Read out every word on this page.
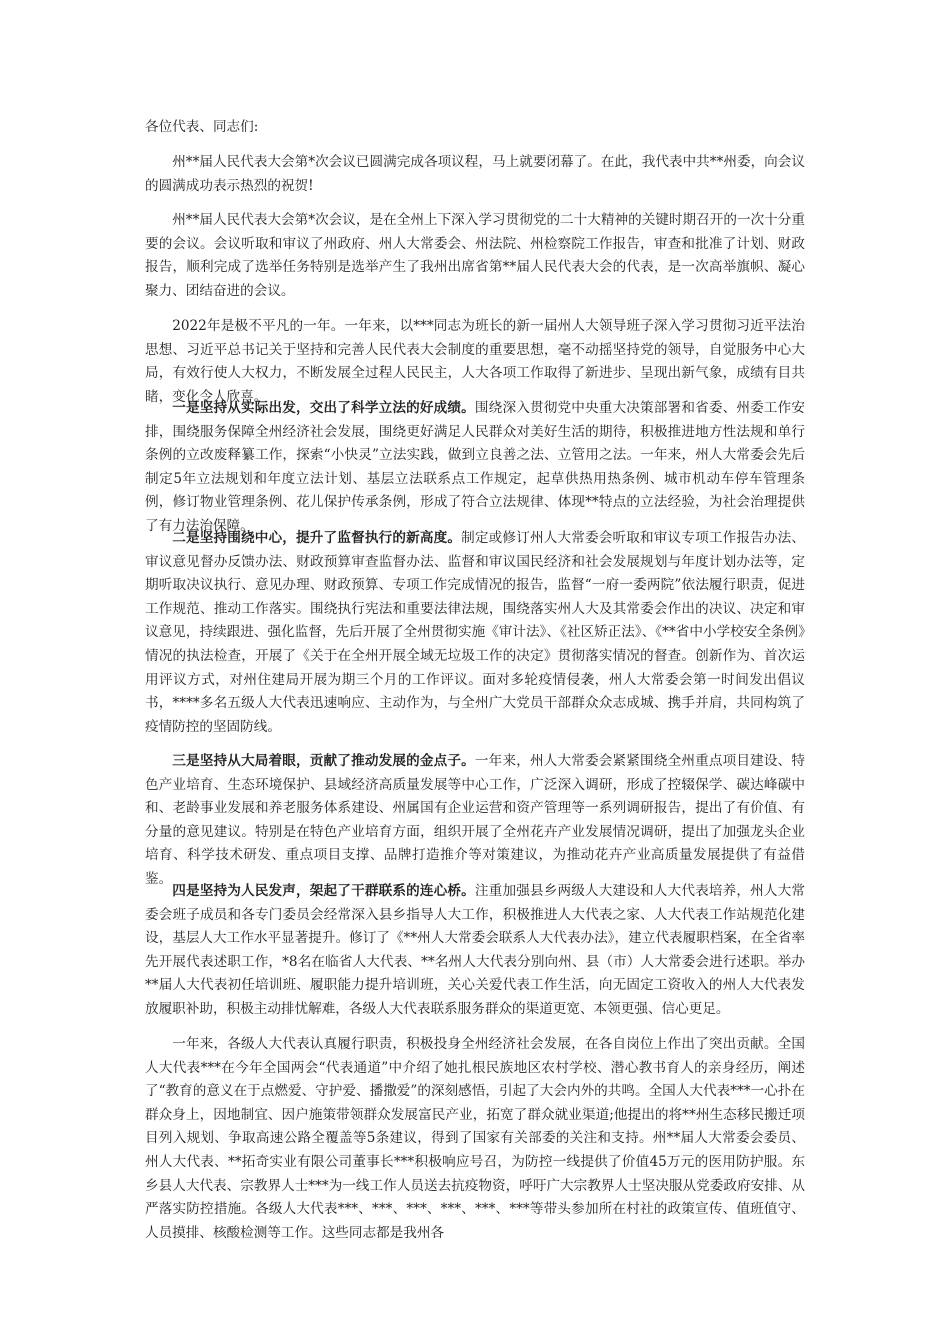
各位代表、同志们:

州**届人民代表大会第*次会议已圆满完成各项议程，马上就要闭幕了。在此，我代表中共**州委，向会议的圆满成功表示热烈的祝贺!

州**届人民代表大会第*次会议，是在全州上下深入学习贯彻党的二十大精神的关键时期召开的一次十分重要的会议。会议听取和审议了州政府、州人大常委会、州法院、州检察院工作报告，审查和批准了计划、财政报告，顺利完成了选举任务特别是选举产生了我州出席省第**届人民代表大会的代表，是一次高举旗帜、凝心聚力、团结奋进的会议。

2022年是极不平凡的一年。一年来，以***同志为班长的新一届州人大领导班子深入学习贯彻习近平法治思想、习近平总书记关于坚持和完善人民代表大会制度的重要思想，毫不动摇坚持党的领导，自觉服务中心大局，有效行使人大权力，不断发展全过程人民民主，人大各项工作取得了新进步、呈现出新气象，成绩有目共睹，变化令人欣喜。

一是坚持从实际出发，交出了科学立法的好成绩。围绕深入贯彻党中央重大决策部署和省委、州委工作安排，围绕服务保障全州经济社会发展，围绕更好满足人民群众对美好生活的期待，积极推进地方性法规和单行条例的立改废释纂工作，探索“小快灵”立法实践，做到立良善之法、立管用之法。一年来，州人大常委会先后制定5年立法规划和年度立法计划、基层立法联系点工作规定，起草供热用热条例、城市机动车停车管理条例，修订物业管理条例、花儿保护传承条例，形成了符合立法规律、体现**特点的立法经验，为社会治理提供了有力法治保障。

二是坚持围绕中心，提升了监督执行的新高度。制定或修订州人大常委会听取和审议专项工作报告办法、审议意见督办反馈办法、财政预算审查监督办法、监督和审议国民经济和社会发展规划与年度计划办法等，定期听取决议执行、意见办理、财政预算、专项工作完成情况的报告，监督“一府一委两院”依法履行职责，促进工作规范、推动工作落实。围绕执行宪法和重要法律法规，围绕落实州人大及其常委会作出的决议、决定和审议意见，持续跟进、强化监督，先后开展了全州贯彻实施《审计法》、《社区矫正法》、《**省中小学校安全条例》情况的执法检查，开展了《关于在全州开展全域无垃圾工作的决定》贯彻落实情况的督查。创新作为、首次运用评议方式，对州住建局开展为期三个月的工作评议。面对多轮疫情侵袭，州人大常委会第一时间发出倡议书，****多名五级人大代表迅速响应、主动作为，与全州广大党员干部群众众志成城、携手并肩，共同构筑了疫情防控的坚固防线。

三是坚持从大局着眼，贡献了推动发展的金点子。一年来，州人大常委会紧紧围绕全州重点项目建设、特色产业培育、生态环境保护、县域经济高质量发展等中心工作，广泛深入调研，形成了控辍保学、碳达峰碳中和、老龄事业发展和养老服务体系建设、州属国有企业运营和资产管理等一系列调研报告，提出了有价值、有分量的意见建议。特别是在特色产业培育方面，组织开展了全州花卉产业发展情况调研，提出了加强龙头企业培育、科学技术研发、重点项目支撑、品牌打造推介等对策建议，为推动花卉产业高质量发展提供了有益借鉴。

四是坚持为人民发声，架起了干群联系的连心桥。注重加强县乡两级人大建设和人大代表培养，州人大常委会班子成员和各专门委员会经常深入县乡指导人大工作，积极推进人大代表之家、人大代表工作站规范化建设，基层人大工作水平显著提升。修订了《**州人大常委会联系人大代表办法》，建立代表履职档案，在全省率先开展代表述职工作，*8名在临省人大代表、**名州人大代表分别向州、县（市）人大常委会进行述职。举办**届人大代表初任培训班、履职能力提升培训班，关心关爱代表工作生活，向无固定工资收入的州人大代表发放履职补助，积极主动排忧解难，各级人大代表联系服务群众的渠道更宽、本领更强、信心更足。

一年来，各级人大代表认真履行职责，积极投身全州经济社会发展，在各自岗位上作出了突出贡献。全国人大代表***在今年全国两会“代表通道”中介绍了她扎根民族地区农村学校、潜心教书育人的亲身经历，阐述了“教育的意义在于点燃爱、守护爱、播撒爱”的深刻感悟，引起了大会内外的共鸣。全国人大代表***一心扑在群众身上，因地制宜、因户施策带领群众发展富民产业，拓宽了群众就业渠道;他提出的将**州生态移民搬迁项目列入规划、争取高速公路全覆盖等5条建议，得到了国家有关部委的关注和支持。州**届人大常委会委员、州人大代表、**拓奇实业有限公司董事长***积极响应号召，为防控一线提供了价值45万元的医用防护服。东乡县人大代表、宗教界人士***为一线工作人员送去抗疫物资，呼吁广大宗教界人士坚决服从党委政府安排、从严落实防控措施。各级人大代表***、***、***、***、***、***等带头参加所在村社的政策宣传、值班值守、人员摸排、核酸检测等工作。这些同志都是我州各
